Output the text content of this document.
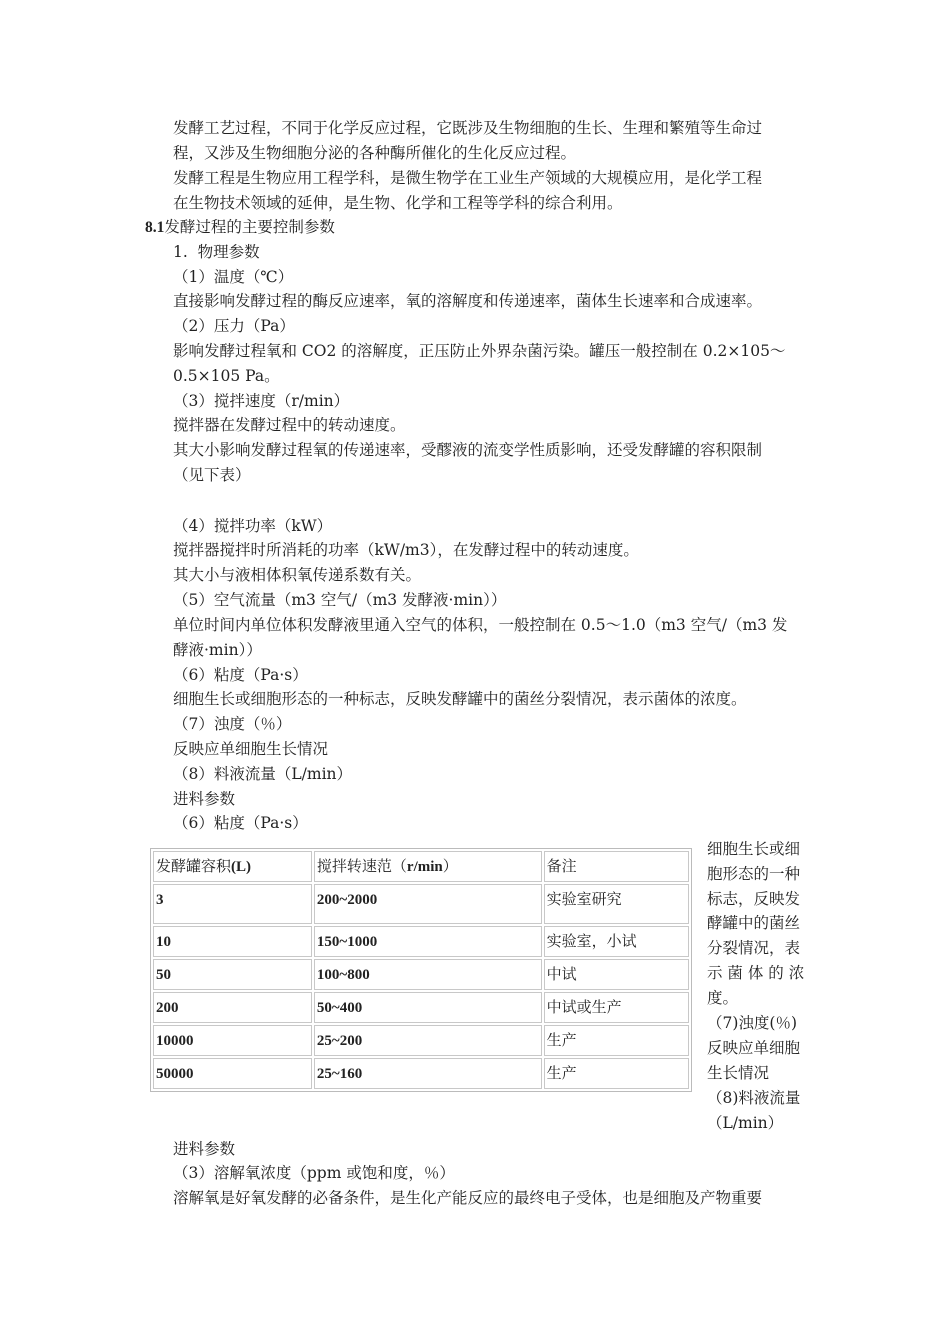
发酵工艺过程，不同于化学反应过程，它既涉及生物细胞的生长、生理和繁殖等生命过
程，又涉及生物细胞分泌的各种酶所催化的生化反应过程。
发酵工程是生物应用工程学科，是微生物学在工业生产领域的大规模应用，是化学工程
在生物技术领域的延伸，是生物、化学和工程等学科的综合利用。
8.1发酵过程的主要控制参数
1.  物理参数
（1）温度（℃）
直接影响发酵过程的酶反应速率，氧的溶解度和传递速率，菌体生长速率和合成速率。
（2）压力（Pa）
影响发酵过程氧和 CO2 的溶解度，正压防止外界杂菌污染。罐压一般控制在 0.2×105～
0.5×105 Pa。
（3）搅拌速度（r/min）
搅拌器在发酵过程中的转动速度。
其大小影响发酵过程氧的传递速率，受醪液的流变学性质影响，还受发酵罐的容积限制
（见下表）
（4）搅拌功率（kW）
搅拌器搅拌时所消耗的功率（kW/m3），在发酵过程中的转动速度。
其大小与液相体积氧传递系数有关。
（5）空气流量（m3 空气/（m3 发酵液·min））
单位时间内单位体积发酵液里通入空气的体积，一般控制在 0.5～1.0（m3 空气/（m3 发
酵液·min））
（6）粘度（Pa·s）
细胞生长或细胞形态的一种标志，反映发酵罐中的菌丝分裂情况，表示菌体的浓度。
（7）浊度（％）
反映应单细胞生长情况
（8）料液流量（L/min）
进料参数
（6）粘度（Pa·s）
发酵罐容积(L)	搅拌转速范（r/min）	备注
3	200~2000	实验室研究
10	150~1000	实验室，小试
50	100~800	中试
200	50~400	中试或生产
10000	25~200	生产
50000	25~160	生产
细胞生长或细
胞形态的一种
标志，反映发
酵罐中的菌丝
分裂情况，表
示 菌 体 的 浓
度。
（7)浊度(％)
反映应单细胞
生长情况
（8)料液流量
（L/min）
进料参数
（3）溶解氧浓度（ppm 或饱和度，％）
溶解氧是好氧发酵的必备条件，是生化产能反应的最终电子受体，也是细胞及产物重要
